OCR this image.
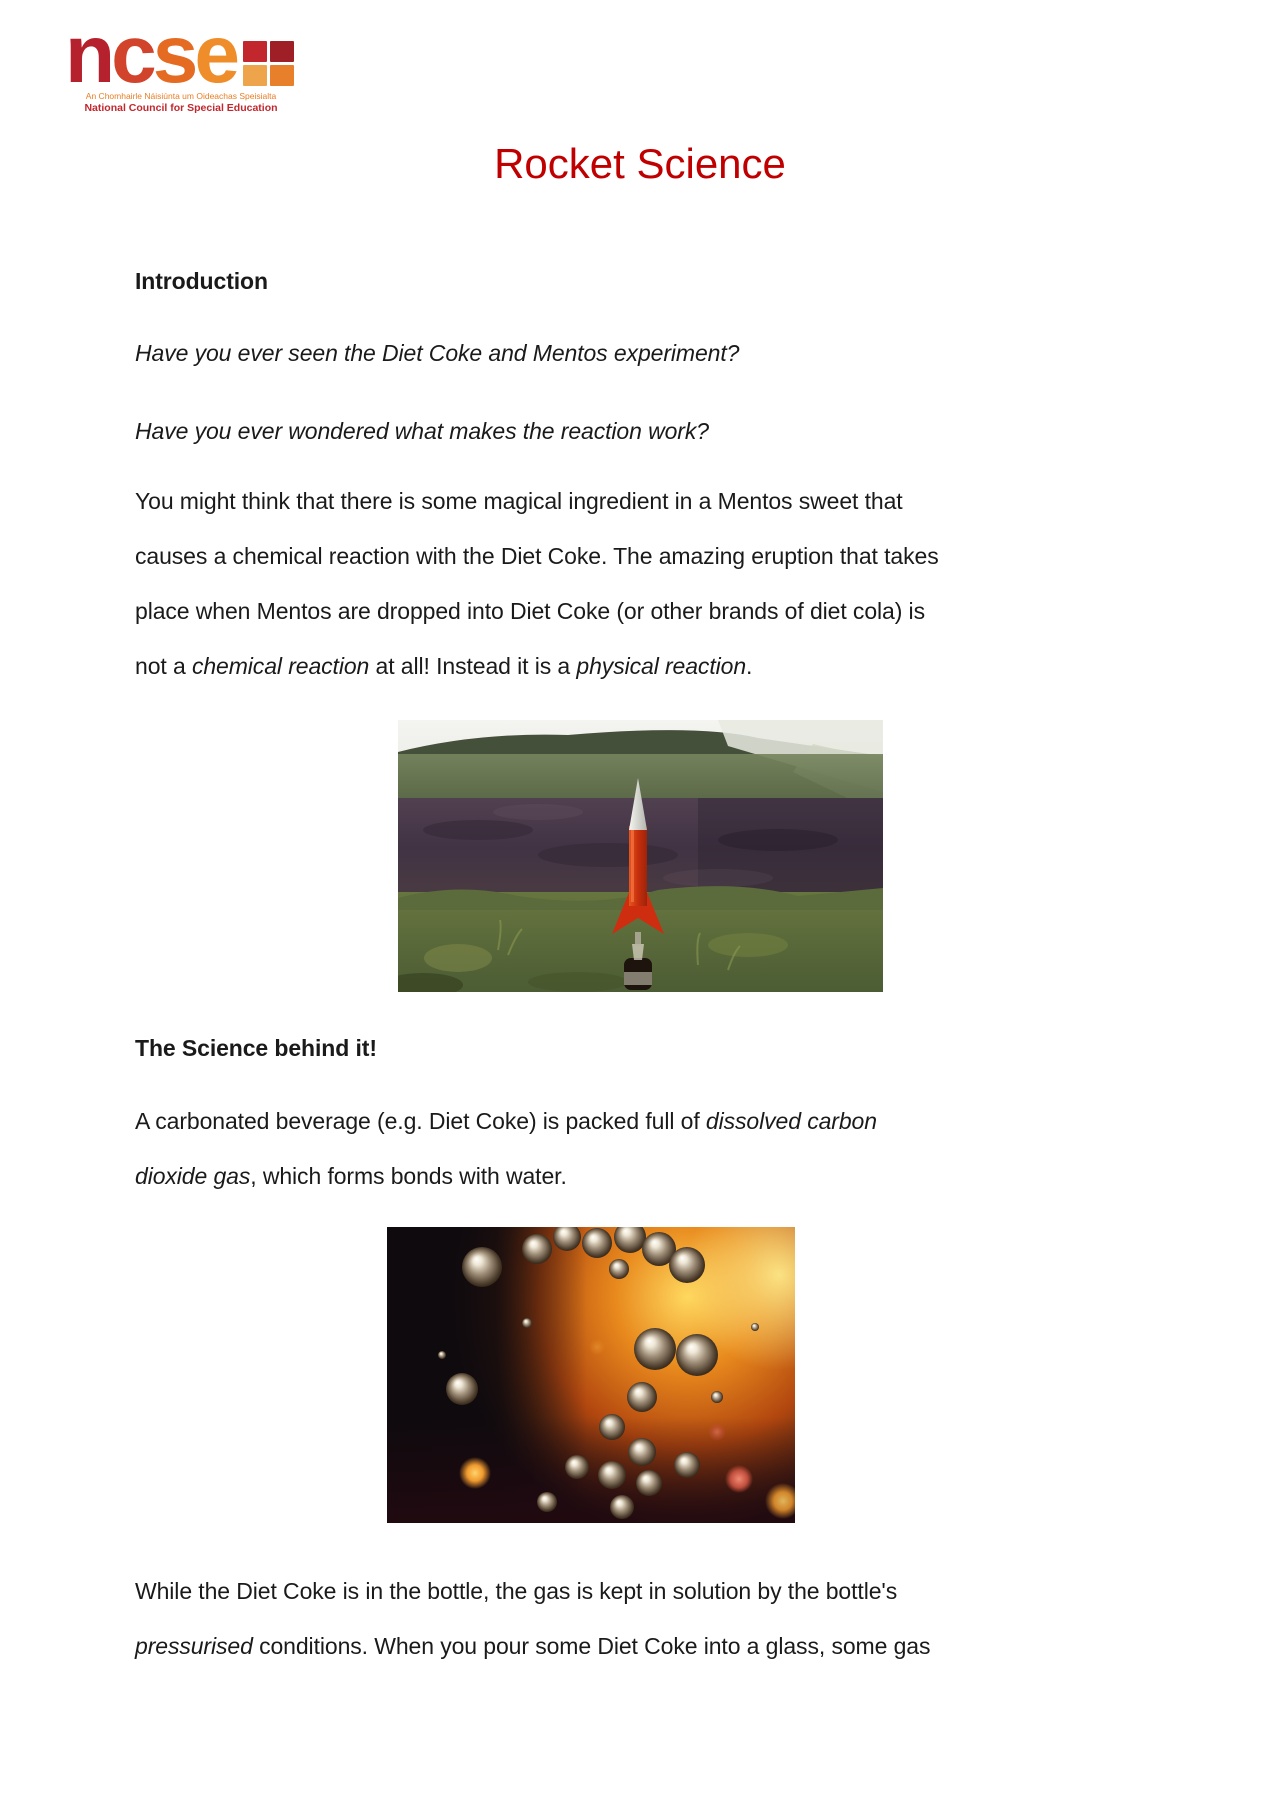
n c s e
An Chomhairle Náisiúnta um Oideachas Speisialta
National Council for Special Education
Rocket Science
Introduction
Have you ever seen the Diet Coke and Mentos experiment?
Have you ever wondered what makes the reaction work?
You might think that there is some magical ingredient in a Mentos sweet that
causes a chemical reaction with the Diet Coke. The amazing eruption that takes
place when Mentos are dropped into Diet Coke (or other brands of diet cola) is
not a chemical reaction at all! Instead it is a physical reaction.
The Science behind it!
A carbonated beverage (e.g. Diet Coke) is packed full of dissolved carbon
dioxide gas, which forms bonds with water.
While the Diet Coke is in the bottle, the gas is kept in solution by the bottle's
pressurised conditions. When you pour some Diet Coke into a glass, some gas
